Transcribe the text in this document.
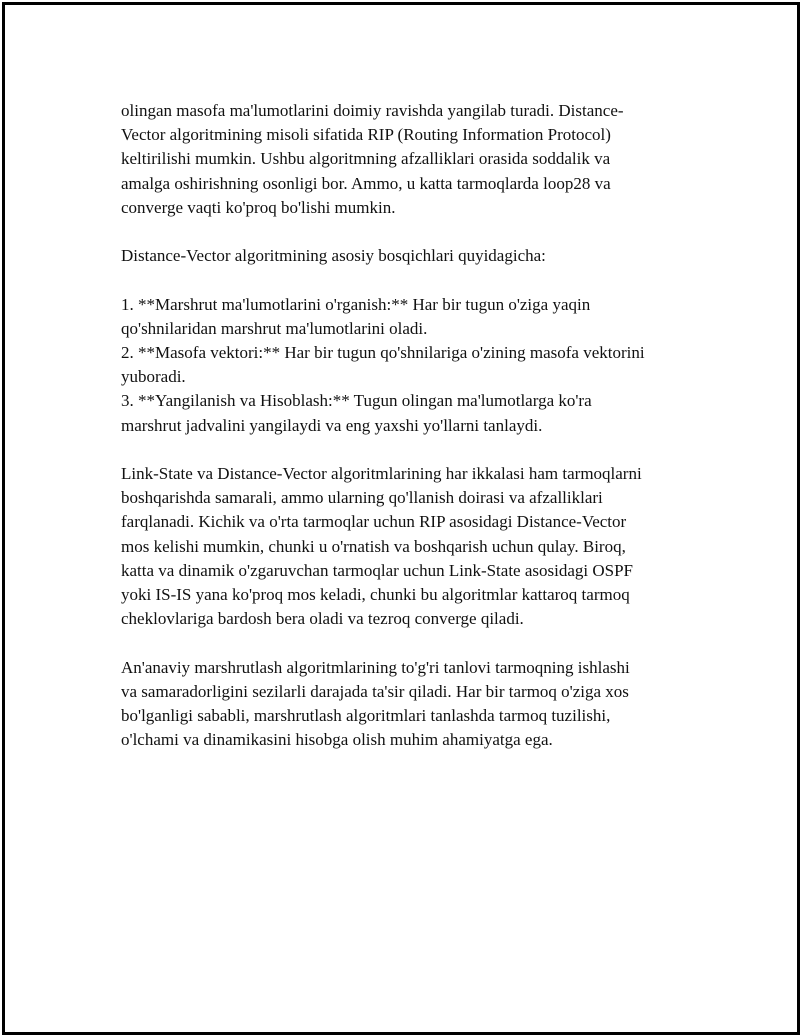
olingan masofa ma'lumotlarini doimiy ravishda yangilab turadi. Distance-
Vector algoritmining misoli sifatida RIP (Routing Information Protocol)
keltirilishi mumkin. Ushbu algoritmning afzalliklari orasida soddalik va
amalga oshirishning osonligi bor. Ammo, u katta tarmoqlarda loop28 va
converge vaqti ko'proq bo'lishi mumkin.

Distance-Vector algoritmining asosiy bosqichlari quyidagicha:

1. **Marshrut ma'lumotlarini o'rganish:** Har bir tugun o'ziga yaqin
qo'shnilaridan marshrut ma'lumotlarini oladi.
2. **Masofa vektori:** Har bir tugun qo'shnilariga o'zining masofa vektorini
yuboradi.
3. **Yangilanish va Hisoblash:** Tugun olingan ma'lumotlarga ko'ra
marshrut jadvalini yangilaydi va eng yaxshi yo'llarni tanlaydi.

Link-State va Distance-Vector algoritmlarining har ikkalasi ham tarmoqlarni
boshqarishda samarali, ammo ularning qo'llanish doirasi va afzalliklari
farqlanadi. Kichik va o'rta tarmoqlar uchun RIP asosidagi Distance-Vector
mos kelishi mumkin, chunki u o'rnatish va boshqarish uchun qulay. Biroq,
katta va dinamik o'zgaruvchan tarmoqlar uchun Link-State asosidagi OSPF
yoki IS-IS yana ko'proq mos keladi, chunki bu algoritmlar kattaroq tarmoq
cheklovlariga bardosh bera oladi va tezroq converge qiladi.

An'anaviy marshrutlash algoritmlarining to'g'ri tanlovi tarmoqning ishlashi
va samaradorligini sezilarli darajada ta'sir qiladi. Har bir tarmoq o'ziga xos
bo'lganligi sababli, marshrutlash algoritmlari tanlashda tarmoq tuzilishi,
o'lchami va dinamikasini hisobga olish muhim ahamiyatga ega.
